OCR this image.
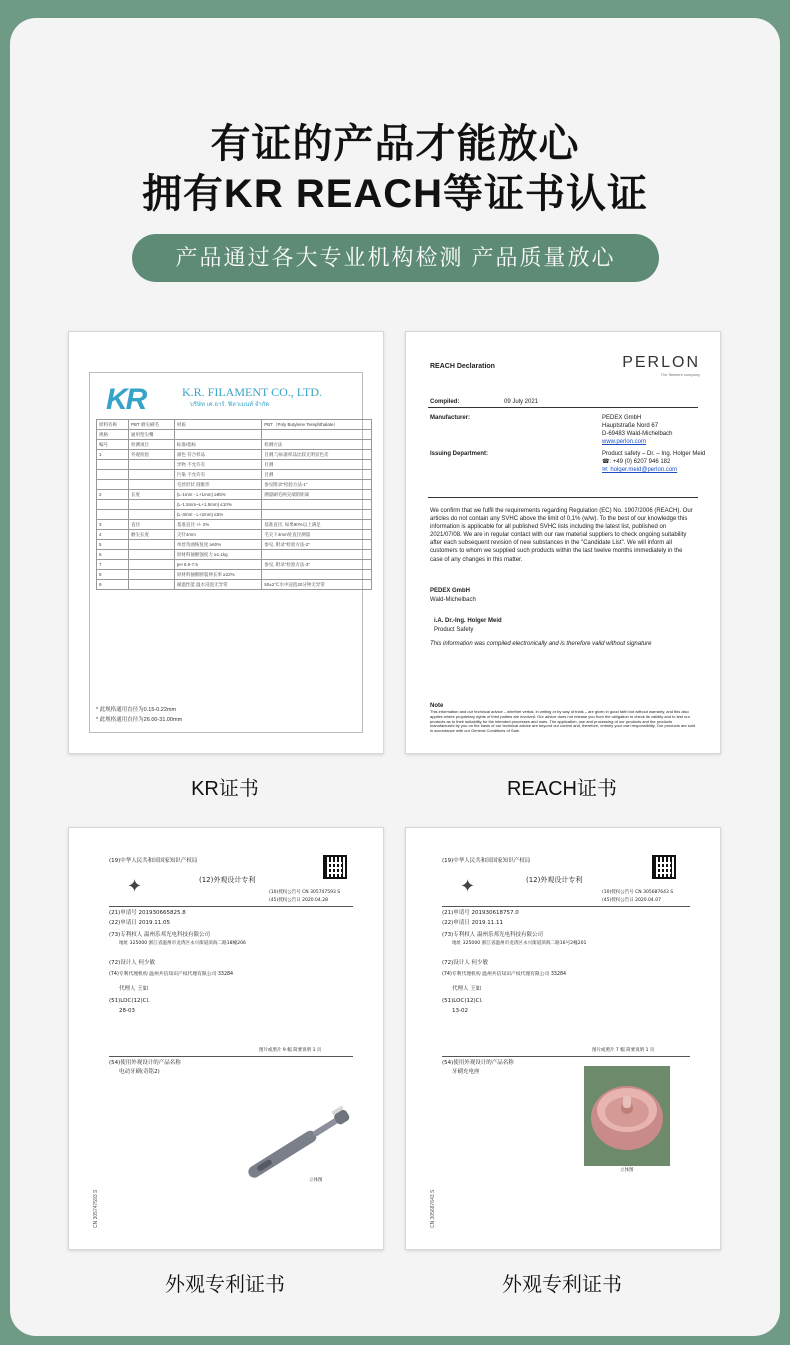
有证的产品才能放心
拥有KR REACH等证书认证
产品通过各大专业机构检测 产品质量放心
KR	K.R. FILAMENT CO., LTD.
บริษัท เค.อาร์. ฟิลาเมนท์ จำกัด
原料名称	PBT 磨尖刷毛	材质	PBT（Poly Butylene Terephthalate）
规格	通用型尖嘴		
编号	检测项目	标准/指标	检测方法
1	外观检验	颜色 符合样品	目测,与标准样品比较无明显色差
		异物 不允许有	目测
		污染 不允许有	目测
		毛丝形状 圆锥形	参见附录"检验方法-1"
2	长度	(L-1mm - L+1mm) ≥85%	测量刷毛两尖端的距离
		(L-1.5mm~L+1.5mm) ≤10%	
		(L-3mm - L+2mm) ≤5%	
3	直径	基准直径 +/- 2%	基准直径, 如果90%以上满足
4	磨尖长度	尖针4mm	毛尖下4mm处直径测量
5		单丝弯曲恢复度 ≥60%	参见, 附录"检验方法-2"
6		原材料抽断强度力 ≥1.1kg	
7		pH 6.5-7.5	参见, 附录"检验方法-3"
8		原材料抽断断裂伸长率 ≥22%	
9		耐温性能 温水浸泡无异常	50±2℃水中浸泡20分钟无异常
* 此规格通用直径为0.15-0.22mm
* 此规格通用直径为26.00-31.00mm
KR证书
REACH Declaration	PERLON
The filament company
Compiled:	09 July 2021
Manufacturer:	PEDEX GmbH
Hauptstraße Nord 67
D-69483 Wald-Michelbach
www.perlon.com
Issuing Department:	Product safety – Dr. – Ing. Holger Meid
☎: +49 (0) 6207 946 182
✉: holger.meid@perlon.com
We confirm that we fulfil the requirements regarding Regulation (EC) No. 1907/2006 (REACH). Our articles do not contain any SVHC above the limit of 0,1% (w/w). To the best of our knowledge this information is applicable for all published SVHC lists including the latest list, published on 2021/07/08. We are in regular contact with our raw material suppliers to check ongoing suitability after each subsequent revision of new substances in the "Candidate List". We will inform all customers to whom we supplied such products within the last twelve months immediately in the case of any changes in this matter.
PEDEX GmbH
Wald-Michelbach
i.A. Dr.-Ing. Holger Meid
Product Safety
This information was compiled electronically and is therefore valid without signature
Note
This information and our technical advice – whether verbal, in writing or by way of trials – are given in good faith but without warranty, and this also applies where proprietary rights of third parties are involved. Our advice does not release you from the obligation to check its validity and to test our products as to their suitability for the intended processes and uses. The application, use and processing of our products and the products manufactured by you on the basis of our technical advice are beyond our control and, therefore, entirely your own responsibility. Our products are sold in accordance with our General Conditions of Sale.
REACH证书
(19)中华人民共和国国家知识产权局
✦	(12)外观设计专利
(10)授权公告号 CN 305747593 S
(45)授权公告日 2020.04.28
(21)申请号 201930665825.8
(22)申请日 2019.11.05
(73)专利权人 温州乐邦光电科技有限公司
地址 325000 浙江省温州市龙湾区永兴街道滨海二路18幢206
(72)设计人 何少敏
(74)专利代理机构 温州共信知识产权代理有限公司 33284
代理人 王如
(51)LOC(12)Cl.
28-03
图片或照片 9 幅 简要说明 1 页
(54)使用外观设计的产品名称
电动牙刷(奇铭2)
立体图
CN 305747593 S
外观专利证书
(19)中华人民共和国国家知识产权局
✦	(12)外观设计专利
(10)授权公告号 CN 305687643 S
(45)授权公告日 2020.04.07
(21)申请号 201930618757.0
(22)申请日 2019.11.11
(73)专利权人 温州乐邦光电科技有限公司
地址 325000 浙江省温州市龙湾区永兴街道滨海二路16号2幢201
(72)设计人 何少敏
(74)专利代理机构 温州共信知识产权代理有限公司 33284
代理人 王如
(51)LOC(12)Cl.
13-02
图片或照片 7 幅 简要说明 1 页
(54)使用外观设计的产品名称
牙刷充电座
立体图
CN 305687643 S
外观专利证书
